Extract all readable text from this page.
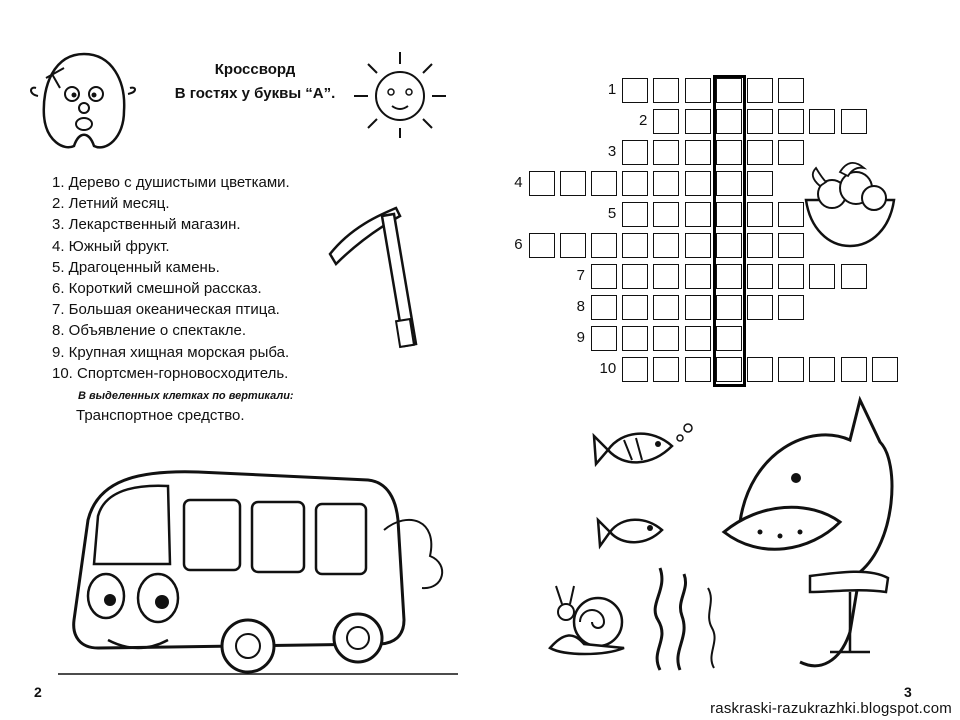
Кроссворд
В гостях у буквы “А”.
1. Дерево с душистыми цветками.
2. Летний месяц.
3. Лекарственный магазин.
4. Южный фрукт.
5. Драгоценный камень.
6. Короткий смешной рассказ.
7. Большая океаническая птица.
8. Объявление о спектакле.
9. Крупная хищная морская рыба.
10. Спортсмен-горновосходитель.
В выделенных клетках по вертикали:
Транспортное средство.
2
1
2
3
4
5
6
7
8
9
10
3
raskraski-razukrazhki.blogspot.com
